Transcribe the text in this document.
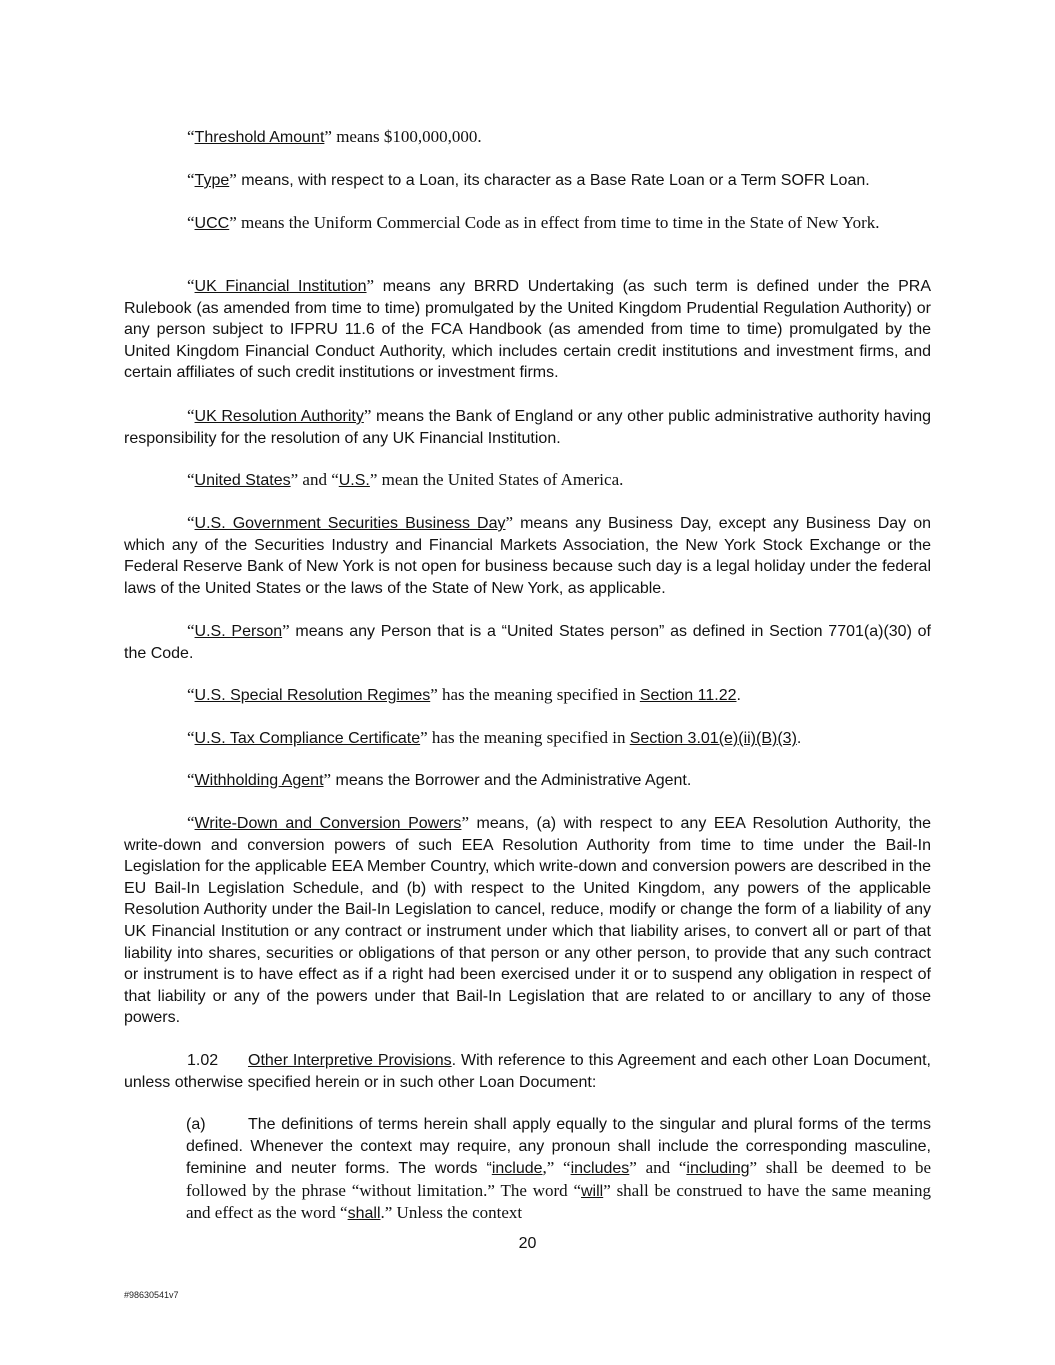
“Threshold Amount” means $100,000,000.

“Type” means, with respect to a Loan, its character as a Base Rate Loan or a Term SOFR Loan.

“UCC” means the Uniform Commercial Code as in effect from time to time in the State of New York.

“UK Financial Institution” means any BRRD Undertaking (as such term is defined under the PRA Rulebook (as amended from time to time) promulgated by the United Kingdom Prudential Regulation Authority) or any person subject to IFPRU 11.6 of the FCA Handbook (as amended from time to time) promulgated by the United Kingdom Financial Conduct Authority, which includes certain credit institutions and investment firms, and certain affiliates of such credit institutions or investment firms.

“UK Resolution Authority” means the Bank of England or any other public administrative authority having responsibility for the resolution of any UK Financial Institution.

“United States” and “U.S.” mean the United States of America.

“U.S. Government Securities Business Day” means any Business Day, except any Business Day on which any of the Securities Industry and Financial Markets Association, the New York Stock Exchange or the Federal Reserve Bank of New York is not open for business because such day is a legal holiday under the federal laws of the United States or the laws of the State of New York, as applicable.

“U.S. Person” means any Person that is a “United States person” as defined in Section 7701(a)(30) of the Code.

“U.S. Special Resolution Regimes” has the meaning specified in Section 11.22.

“U.S. Tax Compliance Certificate” has the meaning specified in Section 3.01(e)(ii)(B)(3).

“Withholding Agent” means the Borrower and the Administrative Agent.

“Write-Down and Conversion Powers” means, (a) with respect to any EEA Resolution Authority, the write-down and conversion powers of such EEA Resolution Authority from time to time under the Bail-In Legislation for the applicable EEA Member Country, which write-down and conversion powers are described in the EU Bail-In Legislation Schedule, and (b) with respect to the United Kingdom, any powers of the applicable Resolution Authority under the Bail-In Legislation to cancel, reduce, modify or change the form of a liability of any UK Financial Institution or any contract or instrument under which that liability arises, to convert all or part of that liability into shares, securities or obligations of that person or any other person, to provide that any such contract or instrument is to have effect as if a right had been exercised under it or to suspend any obligation in respect of that liability or any of the powers under that Bail-In Legislation that are related to or ancillary to any of those powers.

1.02 Other Interpretive Provisions. With reference to this Agreement and each other Loan Document, unless otherwise specified herein or in such other Loan Document:

(a)	The definitions of terms herein shall apply equally to the singular and plural forms of the terms defined. Whenever the context may require, any pronoun shall include the corresponding masculine, feminine and neuter forms. The words “include,” “includes” and “including” shall be deemed to be followed by the phrase “without limitation.” The word “will” shall be construed to have the same meaning and effect as the word “shall.” Unless the context

20
#98630541v7
